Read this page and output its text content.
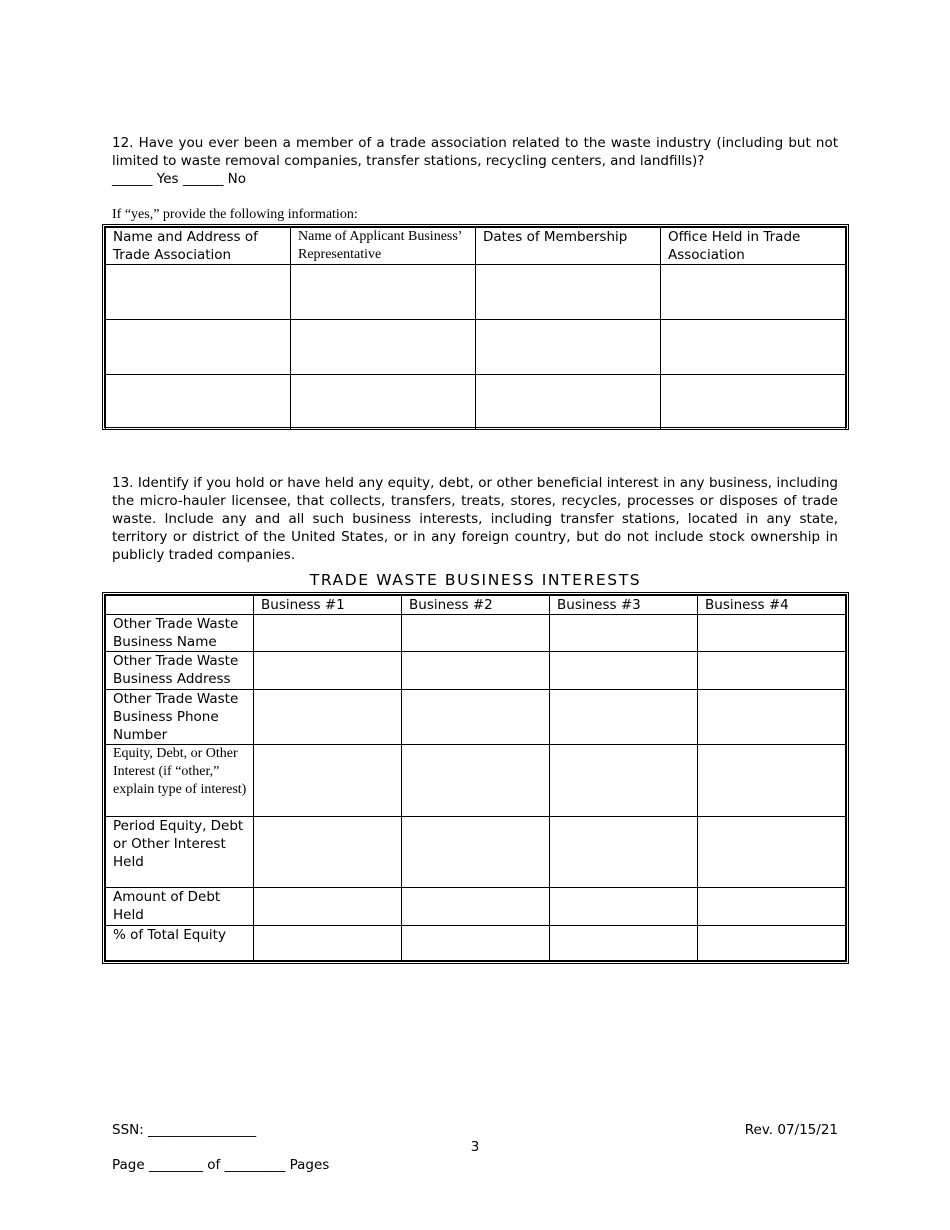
12. Have you ever been a member of a trade association related to the waste industry (including but not limited to waste removal companies, transfer stations, recycling centers, and landfills)?
______ Yes ______ No
If “yes,” provide the following information:
Name and Address of Trade Association	Name of Applicant Business’ Representative	Dates of Membership	Office Held in Trade Association

13. Identify if you hold or have held any equity, debt, or other beneficial interest in any business, including the micro-hauler licensee, that collects, transfers, treats, stores, recycles, processes or disposes of trade waste. Include any and all such business interests, including transfer stations, located in any state, territory or district of the United States, or in any foreign country, but do not include stock ownership in publicly traded companies.
TRADE WASTE BUSINESS INTERESTS
	Business #1	Business #2	Business #3	Business #4
Other Trade Waste Business Name				
Other Trade Waste Business Address				
Other Trade Waste Business Phone Number				
Equity, Debt, or Other Interest (if “other,” explain type of interest)				
Period Equity, Debt or Other Interest Held				
Amount of Debt Held				
% of Total Equity				
SSN: ________________	Rev. 07/15/21
3
Page ________ of _________ Pages
